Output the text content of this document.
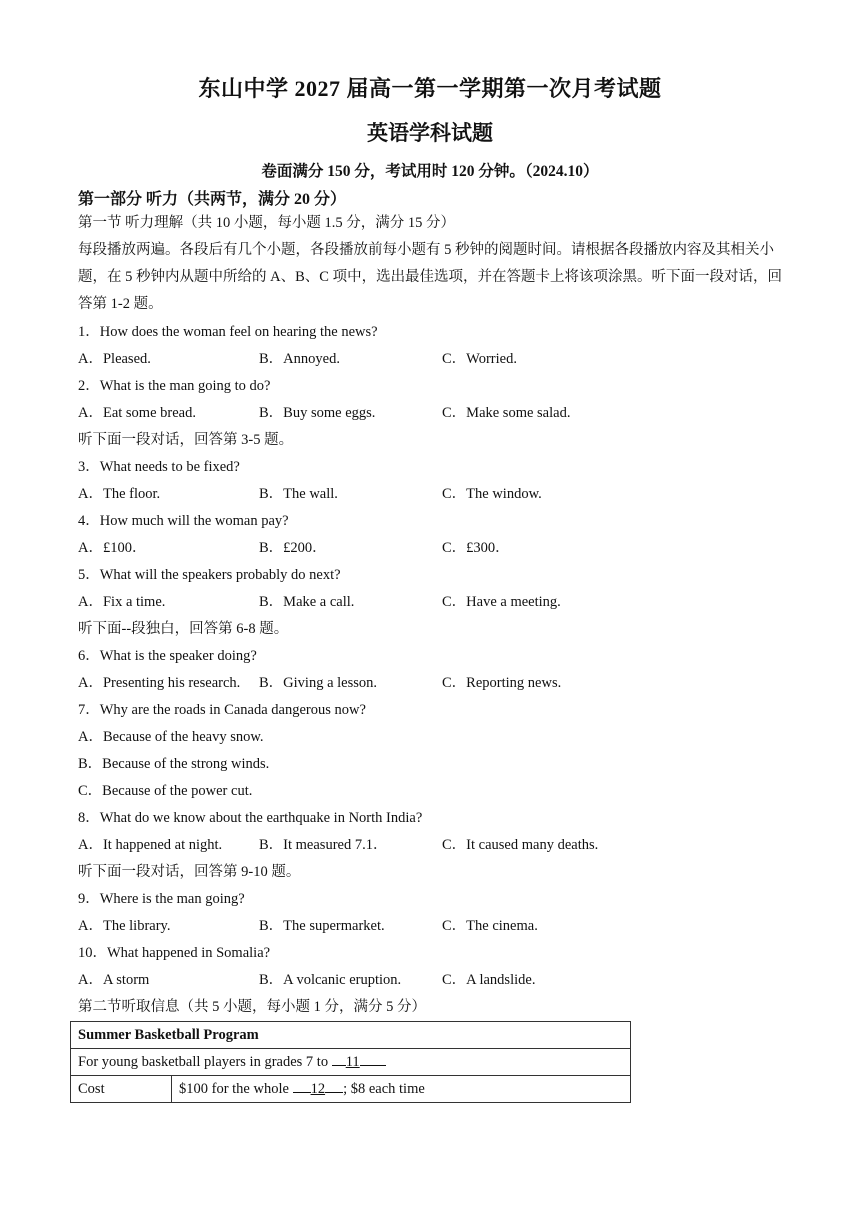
东山中学 2027 届高一第一学期第一次月考试题
英语学科试题
卷面满分 150 分，考试用时 120 分钟。（2024.10）
第一部分 听力（共两节，满分 20 分）
第一节 听力理解（共 10 小题，每小题 1.5 分，满分 15 分）
每段播放两遍。各段后有几个小题，各段播放前每小题有 5 秒钟的阅题时间。请根据各段播放内容及其相关小题，在 5 秒钟内从题中所给的 A、B、C 项中，选出最佳选项，并在答题卡上将该项涂黑。听下面一段对话，回答第 1-2 题。
1．How does the woman feel on hearing the news?
A．Pleased.	B．Annoyed.	C．Worried.
2．What is the man going to do?
A．Eat some bread.	B．Buy some eggs.	C．Make some salad.
听下面一段对话，回答第 3-5 题。
3．What needs to be fixed?
A．The floor.	B．The wall.	C．The window.
4．How much will the woman pay?
A．£100．	B．£200．	C．£300．
5．What will the speakers probably do next?
A．Fix a time.	B．Make a call.	C．Have a meeting.
听下面--段独白，回答第 6-8 题。
6．What is the speaker doing?
A．Presenting his research. B．Giving a lesson.	C．Reporting news.
7．Why are the roads in Canada dangerous now?
A．Because of the heavy snow.
B．Because of the strong winds.
C．Because of the power cut.
8．What do we know about the earthquake in North India?
A．It happened at night.	B．It measured 7.1．	C．It caused many deaths.
听下面一段对话，回答第 9-10 题。
9．Where is the man going?
A．The library.	B．The supermarket.	C．The cinema.
10．What happened in Somalia?
A．A storm	B．A volcanic eruption.	C．A landslide.
第二节听取信息（共 5 小题，每小题 1 分，满分 5 分）
Summer Basketball Program
For young basketball players in grades 7 to 11
Cost	$100 for the whole 12 ; $8 each time
